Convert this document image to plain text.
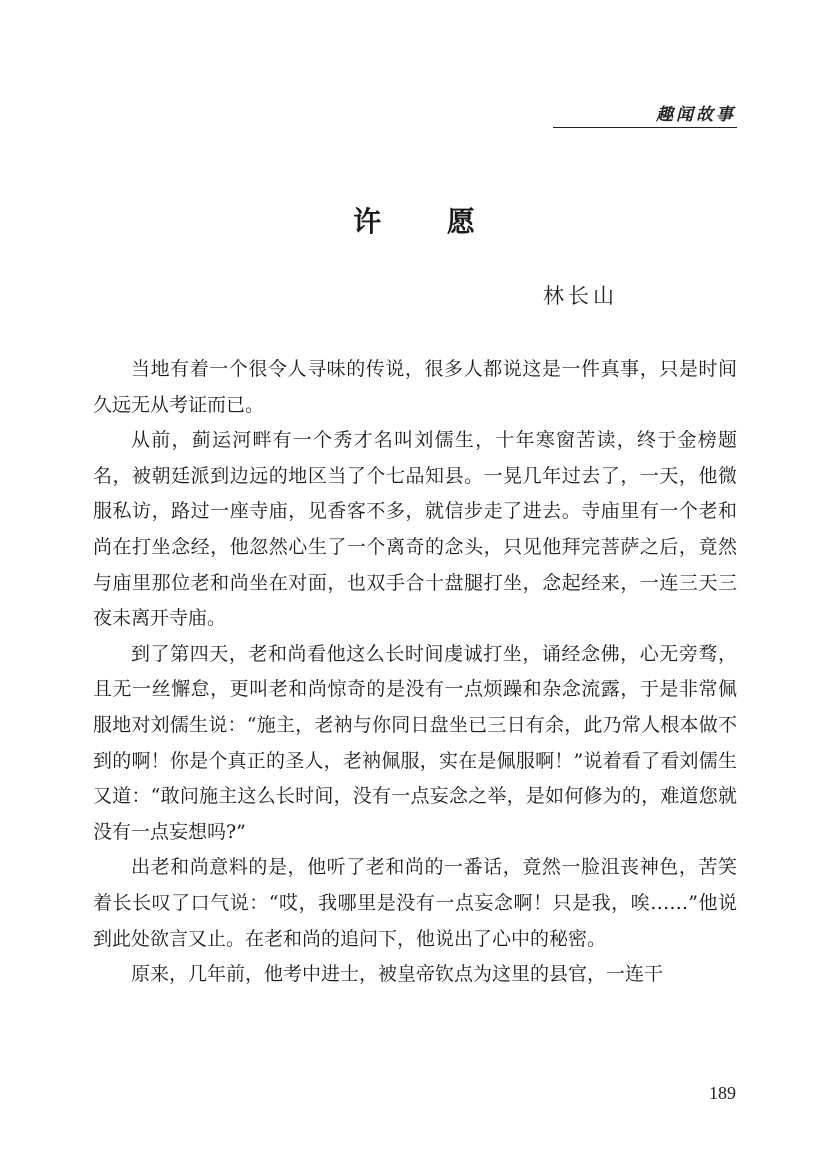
趣闻故事
许 愿
林长山

当地有着一个很令人寻味的传说，很多人都说这是一件真事，只是时间久远无从考证而已。

从前，蓟运河畔有一个秀才名叫刘儒生，十年寒窗苦读，终于金榜题名，被朝廷派到边远的地区当了个七品知县。一晃几年过去了，一天，他微服私访，路过一座寺庙，见香客不多，就信步走了进去。寺庙里有一个老和尚在打坐念经，他忽然心生了一个离奇的念头，只见他拜完菩萨之后，竟然与庙里那位老和尚坐在对面，也双手合十盘腿打坐，念起经来，一连三天三夜未离开寺庙。

到了第四天，老和尚看他这么长时间虔诚打坐，诵经念佛，心无旁骛，且无一丝懈怠，更叫老和尚惊奇的是没有一点烦躁和杂念流露，于是非常佩服地对刘儒生说：“施主，老衲与你同日盘坐已三日有余，此乃常人根本做不到的啊！你是个真正的圣人，老衲佩服，实在是佩服啊！”说着看了看刘儒生又道：“敢问施主这么长时间，没有一点妄念之举，是如何修为的，难道您就没有一点妄想吗?”

出老和尚意料的是，他听了老和尚的一番话，竟然一脸沮丧神色，苦笑着长长叹了口气说：“哎，我哪里是没有一点妄念啊！只是我，唉……”他说到此处欲言又止。在老和尚的追问下，他说出了心中的秘密。

原来，几年前，他考中进士，被皇帝钦点为这里的县官，一连干

189
